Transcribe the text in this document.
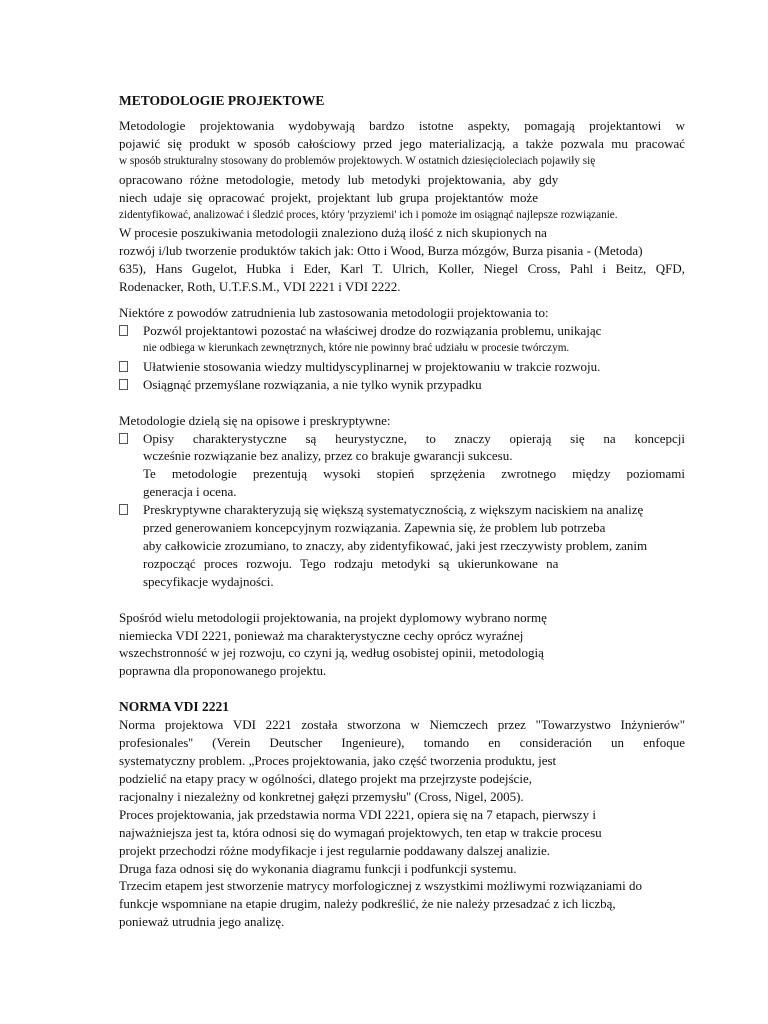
METODOLOGIE PROJEKTOWE
Metodologie projektowania wydobywają bardzo istotne aspekty, pomagają projektantowi w
pojawić się produkt w sposób całościowy przed jego materializacją, a także pozwala mu pracować
w sposób strukturalny stosowany do problemów projektowych. W ostatnich dziesięcioleciach pojawiły się
opracowano różne metodologie, metody lub metodyki projektowania, aby gdy
niech udaje się opracować projekt, projektant lub grupa projektantów może
zidentyfikować, analizować i śledzić proces, który 'przyziemi' ich i pomoże im osiągnąć najlepsze rozwiązanie.
W procesie poszukiwania metodologii znaleziono dużą ilość z nich skupionych na
rozwój i/lub tworzenie produktów takich jak: Otto i Wood, Burza mózgów, Burza pisania - (Metoda)
635), Hans Gugelot, Hubka i Eder, Karl T. Ulrich, Koller, Niegel Cross, Pahl i Beitz, QFD,
Rodenacker, Roth, U.T.F.S.M., VDI 2221 i VDI 2222.
Niektóre z powodów zatrudnienia lub zastosowania metodologii projektowania to:
Pozwól projektantowi pozostać na właściwej drodze do rozwiązania problemu, unikając
nie odbiega w kierunkach zewnętrznych, które nie powinny brać udziału w procesie twórczym.
Ułatwienie stosowania wiedzy multidyscyplinarnej w projektowaniu w trakcie rozwoju.
Osiągnąć przemyślane rozwiązania, a nie tylko wynik przypadku
Metodologie dzielą się na opisowe i preskryptywne:
Opisy charakterystyczne są heurystyczne, to znaczy opierają się na koncepcji
wcześnie rozwiązanie bez analizy, przez co brakuje gwarancji sukcesu.
Te metodologie prezentują wysoki stopień sprzężenia zwrotnego między poziomami
generacja i ocena.
Preskryptywne charakteryzują się większą systematycznością, z większym naciskiem na analizę
przed generowaniem koncepcyjnym rozwiązania. Zapewnia się, że problem lub potrzeba
aby całkowicie zrozumiano, to znaczy, aby zidentyfikować, jaki jest rzeczywisty problem, zanim
rozpocząć proces rozwoju. Tego rodzaju metodyki są ukierunkowane na
specyfikacje wydajności.
Spośród wielu metodologii projektowania, na projekt dyplomowy wybrano normę
niemiecka VDI 2221, ponieważ ma charakterystyczne cechy oprócz wyraźnej
wszechstronność w jej rozwoju, co czyni ją, według osobistej opinii, metodologią
poprawna dla proponowanego projektu.
NORMA VDI 2221
Norma projektowa VDI 2221 została stworzona w Niemczech przez "Towarzystwo Inżynierów"
profesionales'' (Verein Deutscher Ingenieure), tomando en consideración un enfoque
systematyczny problem. „Proces projektowania, jako część tworzenia produktu, jest
podzielić na etapy pracy w ogólności, dlatego projekt ma przejrzyste podejście,
racjonalny i niezależny od konkretnej gałęzi przemysłu'' (Cross, Nigel, 2005).
Proces projektowania, jak przedstawia norma VDI 2221, opiera się na 7 etapach, pierwszy i
najważniejsza jest ta, która odnosi się do wymagań projektowych, ten etap w trakcie procesu
projekt przechodzi różne modyfikacje i jest regularnie poddawany dalszej analizie.
Druga faza odnosi się do wykonania diagramu funkcji i podfunkcji systemu.
Trzecim etapem jest stworzenie matrycy morfologicznej z wszystkimi możliwymi rozwiązaniami do
funkcje wspomniane na etapie drugim, należy podkreślić, że nie należy przesadzać z ich liczbą,
ponieważ utrudnia jego analizę.
